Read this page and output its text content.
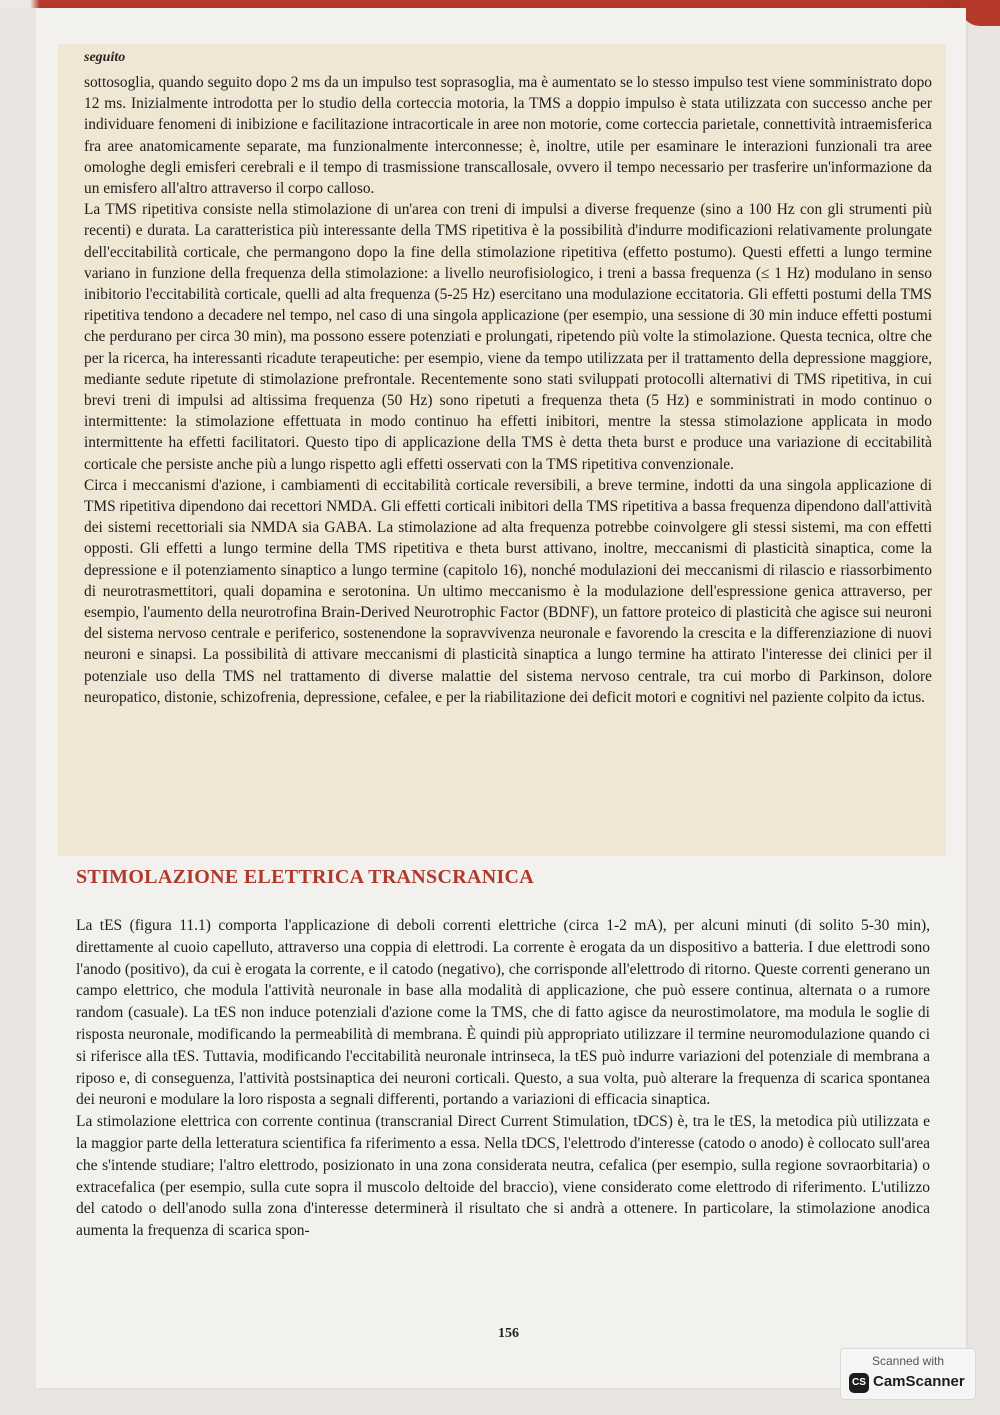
seguito

sottosoglia, quando seguito dopo 2 ms da un impulso test soprasoglia, ma è aumentato se lo stesso impulso test viene somministrato dopo 12 ms. Inizialmente introdotta per lo studio della corteccia motoria, la TMS a doppio impulso è stata utilizzata con successo anche per individuare fenomeni di inibizione e facilitazione intracorticale in aree non motorie, come corteccia parietale, connettività intraemisferica fra aree anatomicamente separate, ma funzionalmente interconnesse; è, inoltre, utile per esaminare le interazioni funzionali tra aree omologhe degli emisferi cerebrali e il tempo di trasmissione transcallosale, ovvero il tempo necessario per trasferire un'informazione da un emisfero all'altro attraverso il corpo calloso.

La TMS ripetitiva consiste nella stimolazione di un'area con treni di impulsi a diverse frequenze (sino a 100 Hz con gli strumenti più recenti) e durata. La caratteristica più interessante della TMS ripetitiva è la possibilità d'indurre modificazioni relativamente prolungate dell'eccitabilità corticale, che permangono dopo la fine della stimolazione ripetitiva (effetto postumo). Questi effetti a lungo termine variano in funzione della frequenza della stimolazione: a livello neurofisiologico, i treni a bassa frequenza (≤ 1 Hz) modulano in senso inibitorio l'eccitabilità corticale, quelli ad alta frequenza (5-25 Hz) esercitano una modulazione eccitatoria. Gli effetti postumi della TMS ripetitiva tendono a decadere nel tempo, nel caso di una singola applicazione (per esempio, una sessione di 30 min induce effetti postumi che perdurano per circa 30 min), ma possono essere potenziati e prolungati, ripetendo più volte la stimolazione. Questa tecnica, oltre che per la ricerca, ha interessanti ricadute terapeutiche: per esempio, viene da tempo utilizzata per il trattamento della depressione maggiore, mediante sedute ripetute di stimolazione prefrontale. Recentemente sono stati sviluppati protocolli alternativi di TMS ripetitiva, in cui brevi treni di impulsi ad altissima frequenza (50 Hz) sono ripetuti a frequenza theta (5 Hz) e somministrati in modo continuo o intermittente: la stimolazione effettuata in modo continuo ha effetti inibitori, mentre la stessa stimolazione applicata in modo intermittente ha effetti facilitatori. Questo tipo di applicazione della TMS è detta theta burst e produce una variazione di eccitabilità corticale che persiste anche più a lungo rispetto agli effetti osservati con la TMS ripetitiva convenzionale.

Circa i meccanismi d'azione, i cambiamenti di eccitabilità corticale reversibili, a breve termine, indotti da una singola applicazione di TMS ripetitiva dipendono dai recettori NMDA. Gli effetti corticali inibitori della TMS ripetitiva a bassa frequenza dipendono dall'attività dei sistemi recettoriali sia NMDA sia GABA. La stimolazione ad alta frequenza potrebbe coinvolgere gli stessi sistemi, ma con effetti opposti. Gli effetti a lungo termine della TMS ripetitiva e theta burst attivano, inoltre, meccanismi di plasticità sinaptica, come la depressione e il potenziamento sinaptico a lungo termine (capitolo 16), nonché modulazioni dei meccanismi di rilascio e riassorbimento di neurotrasmettitori, quali dopamina e serotonina. Un ultimo meccanismo è la modulazione dell'espressione genica attraverso, per esempio, l'aumento della neurotrofina Brain-Derived Neurotrophic Factor (BDNF), un fattore proteico di plasticità che agisce sui neuroni del sistema nervoso centrale e periferico, sostenendone la sopravvivenza neuronale e favorendo la crescita e la differenziazione di nuovi neuroni e sinapsi. La possibilità di attivare meccanismi di plasticità sinaptica a lungo termine ha attirato l'interesse dei clinici per il potenziale uso della TMS nel trattamento di diverse malattie del sistema nervoso centrale, tra cui morbo di Parkinson, dolore neuropatico, distonie, schizofrenia, depressione, cefalee, e per la riabilitazione dei deficit motori e cognitivi nel paziente colpito da ictus.

STIMOLAZIONE ELETTRICA TRANSCRANICA

La tES (figura 11.1) comporta l'applicazione di deboli correnti elettriche (circa 1-2 mA), per alcuni minuti (di solito 5-30 min), direttamente al cuoio capelluto, attraverso una coppia di elettrodi. La corrente è erogata da un dispositivo a batteria. I due elettrodi sono l'anodo (positivo), da cui è erogata la corrente, e il catodo (negativo), che corrisponde all'elettrodo di ritorno. Queste correnti generano un campo elettrico, che modula l'attività neuronale in base alla modalità di applicazione, che può essere continua, alternata o a rumore random (casuale). La tES non induce potenziali d'azione come la TMS, che di fatto agisce da neurostimolatore, ma modula le soglie di risposta neuronale, modificando la permeabilità di membrana. È quindi più appropriato utilizzare il termine neuromodulazione quando ci si riferisce alla tES. Tuttavia, modificando l'eccitabilità neuronale intrinseca, la tES può indurre variazioni del potenziale di membrana a riposo e, di conseguenza, l'attività postsinaptica dei neuroni corticali. Questo, a sua volta, può alterare la frequenza di scarica spontanea dei neuroni e modulare la loro risposta a segnali differenti, portando a variazioni di efficacia sinaptica.

La stimolazione elettrica con corrente continua (transcranial Direct Current Stimulation, tDCS) è, tra le tES, la metodica più utilizzata e la maggior parte della letteratura scientifica fa riferimento a essa. Nella tDCS, l'elettrodo d'interesse (catodo o anodo) è collocato sull'area che s'intende studiare; l'altro elettrodo, posizionato in una zona considerata neutra, cefalica (per esempio, sulla regione sovraorbitaria) o extracefalica (per esempio, sulla cute sopra il muscolo deltoide del braccio), viene considerato come elettrodo di riferimento. L'utilizzo del catodo o dell'anodo sulla zona d'interesse determinerà il risultato che si andrà a ottenere. In particolare, la stimolazione anodica aumenta la frequenza di scarica spon-

156
Scanned with
CS CamScanner
